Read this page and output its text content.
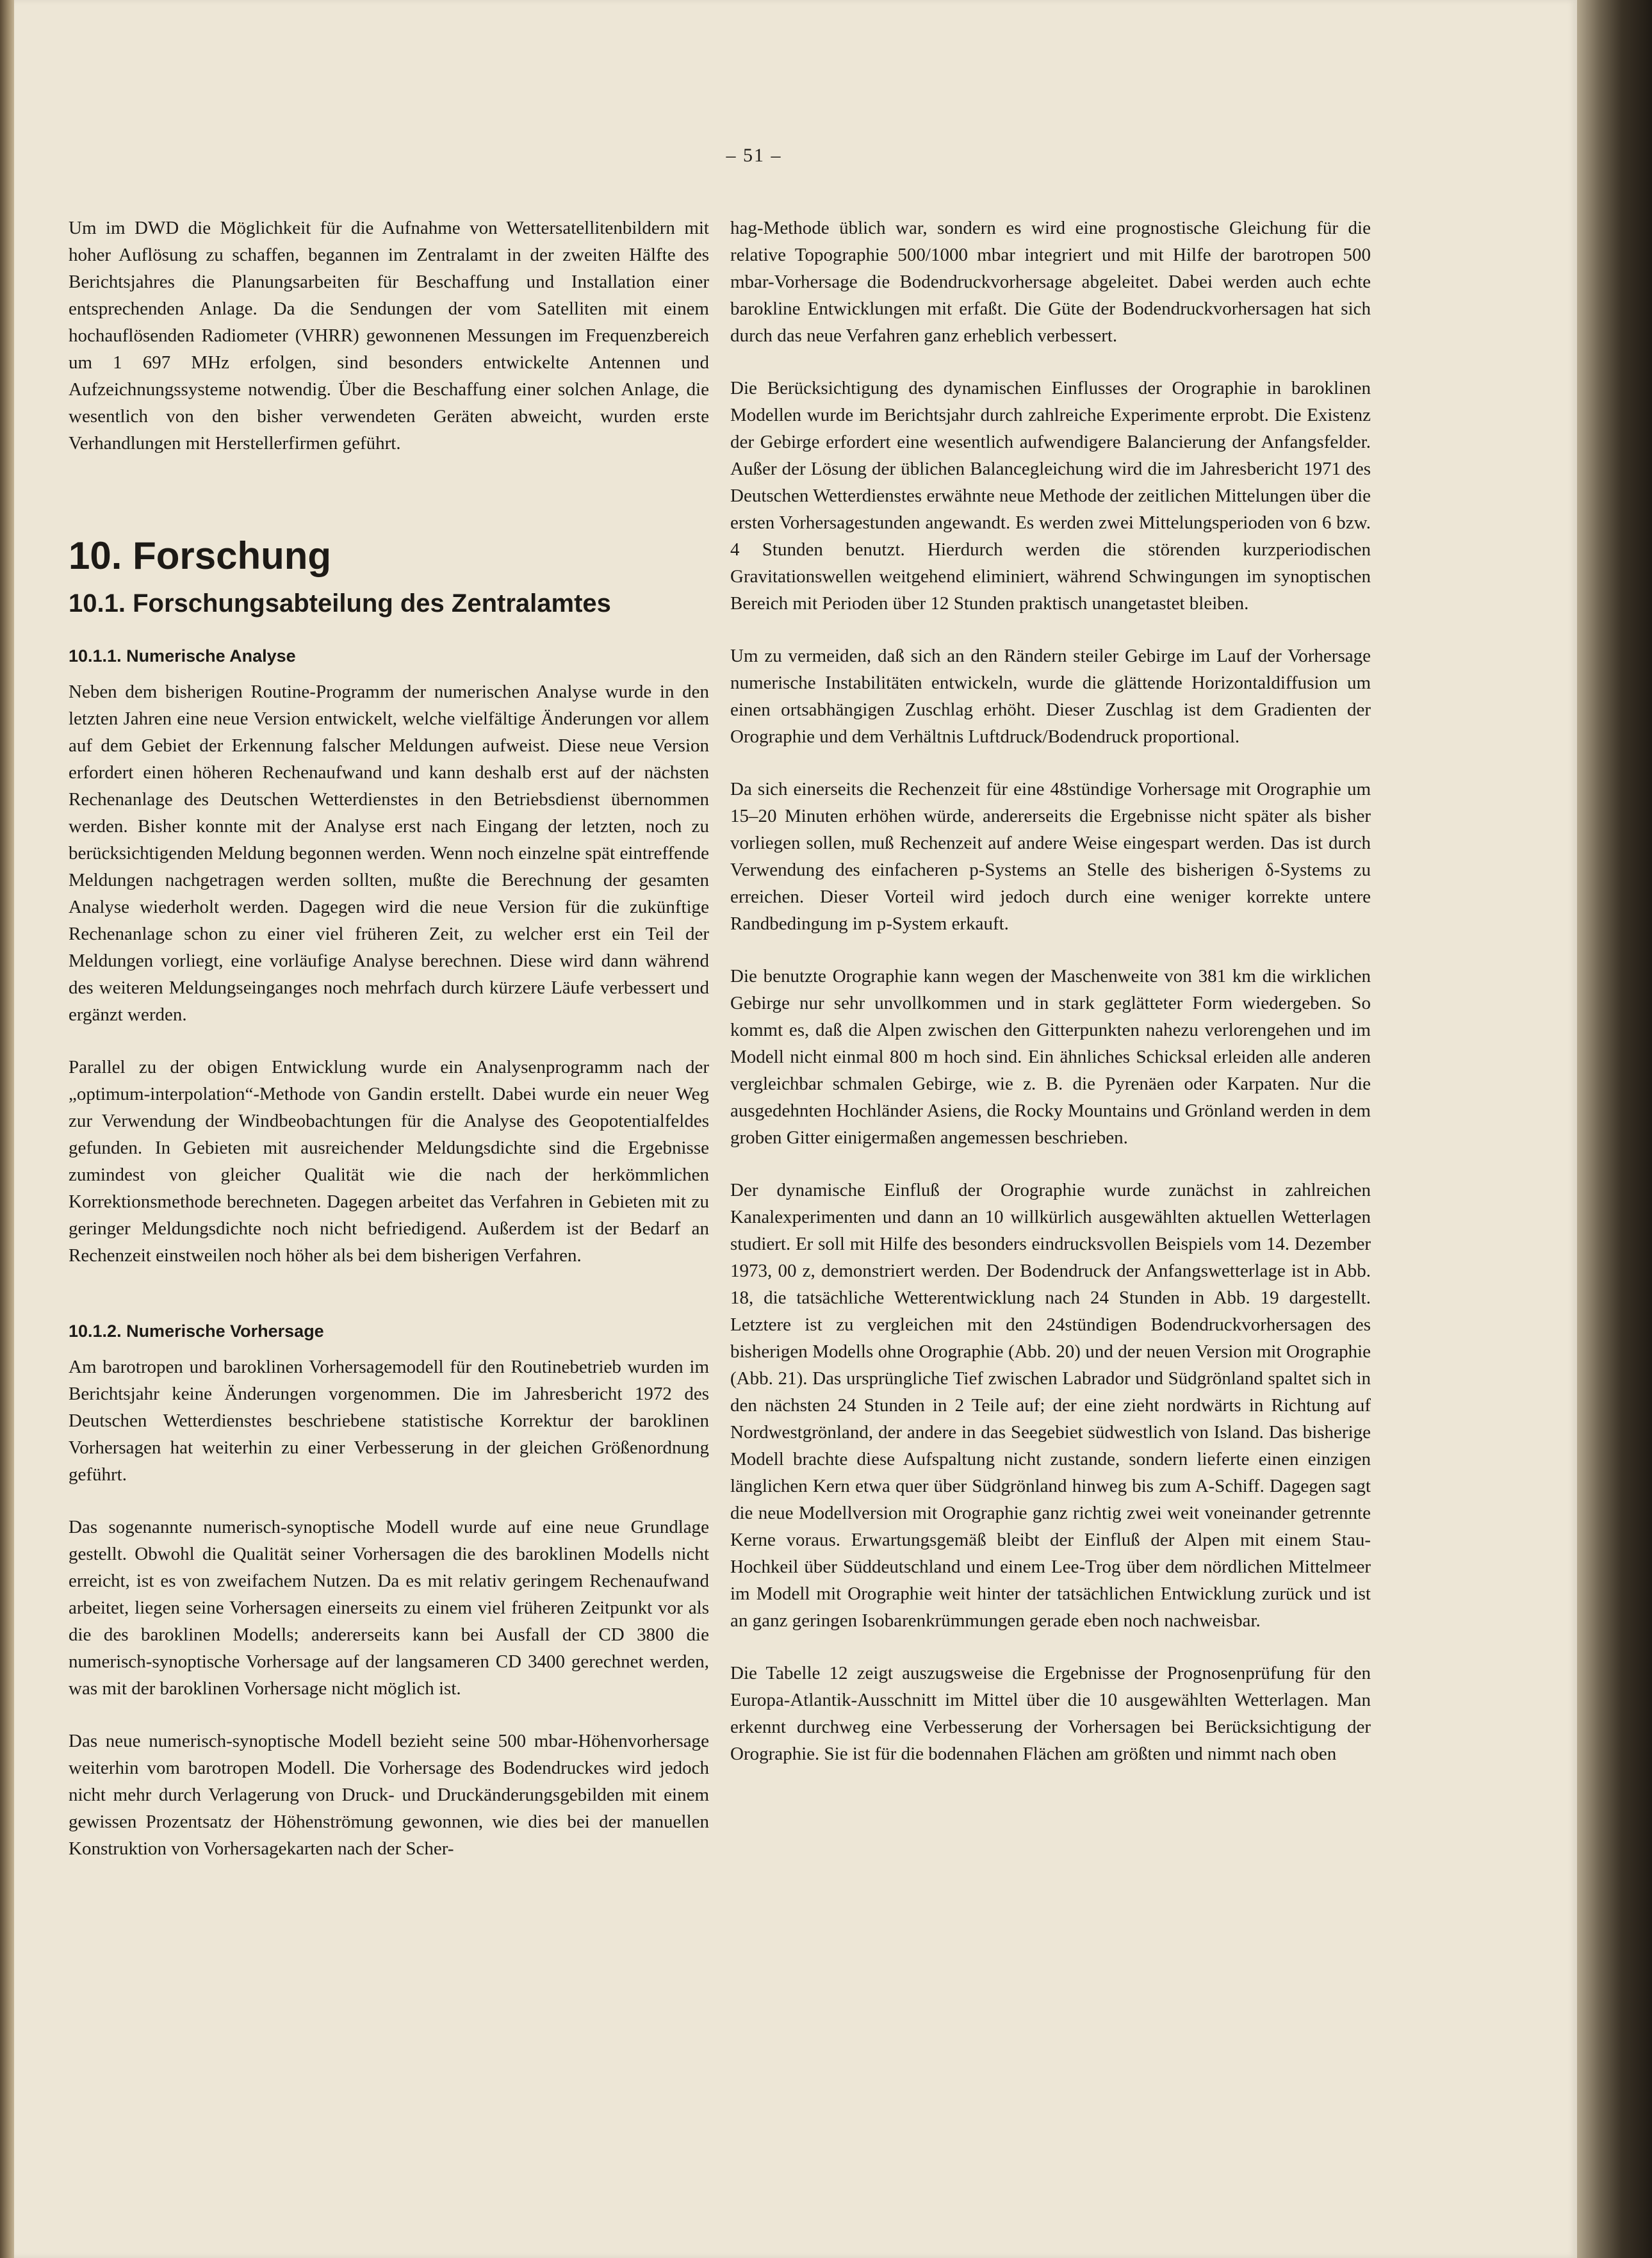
– 51 –

Um im DWD die Möglichkeit für die Aufnahme von Wettersatellitenbildern mit hoher Auflösung zu schaffen, begannen im Zentralamt in der zweiten Hälfte des Berichtsjahres die Planungsarbeiten für Beschaffung und Installation einer entsprechenden Anlage. Da die Sendungen der vom Satelliten mit einem hochauflösenden Radiometer (VHRR) gewonnenen Messungen im Frequenzbereich um 1 697 MHz erfolgen, sind besonders entwickelte Antennen und Aufzeichnungssysteme notwendig. Über die Beschaffung einer solchen Anlage, die wesentlich von den bisher verwendeten Geräten abweicht, wurden erste Verhandlungen mit Herstellerfirmen geführt.

10. Forschung
10.1. Forschungsabteilung des Zentralamtes
10.1.1. Numerische Analyse

Neben dem bisherigen Routine-Programm der numerischen Analyse wurde in den letzten Jahren eine neue Version entwickelt, welche vielfältige Änderungen vor allem auf dem Gebiet der Erkennung falscher Meldungen aufweist. Diese neue Version erfordert einen höheren Rechenaufwand und kann deshalb erst auf der nächsten Rechenanlage des Deutschen Wetterdienstes in den Betriebsdienst übernommen werden. Bisher konnte mit der Analyse erst nach Eingang der letzten, noch zu berücksichtigenden Meldung begonnen werden. Wenn noch einzelne spät eintreffende Meldungen nachgetragen werden sollten, mußte die Berechnung der gesamten Analyse wiederholt werden. Dagegen wird die neue Version für die zukünftige Rechenanlage schon zu einer viel früheren Zeit, zu welcher erst ein Teil der Meldungen vorliegt, eine vorläufige Analyse berechnen. Diese wird dann während des weiteren Meldungseinganges noch mehrfach durch kürzere Läufe verbessert und ergänzt werden.

Parallel zu der obigen Entwicklung wurde ein Analysenprogramm nach der „optimum-interpolation“-Methode von Gandin erstellt. Dabei wurde ein neuer Weg zur Verwendung der Windbeobachtungen für die Analyse des Geopotentialfeldes gefunden. In Gebieten mit ausreichender Meldungsdichte sind die Ergebnisse zumindest von gleicher Qualität wie die nach der herkömmlichen Korrektionsmethode berechneten. Dagegen arbeitet das Verfahren in Gebieten mit zu geringer Meldungsdichte noch nicht befriedigend. Außerdem ist der Bedarf an Rechenzeit einstweilen noch höher als bei dem bisherigen Verfahren.

10.1.2. Numerische Vorhersage

Am barotropen und baroklinen Vorhersagemodell für den Routinebetrieb wurden im Berichtsjahr keine Änderungen vorgenommen. Die im Jahresbericht 1972 des Deutschen Wetterdienstes beschriebene statistische Korrektur der baroklinen Vorhersagen hat weiterhin zu einer Verbesserung in der gleichen Größenordnung geführt.

Das sogenannte numerisch-synoptische Modell wurde auf eine neue Grundlage gestellt. Obwohl die Qualität seiner Vorhersagen die des baroklinen Modells nicht erreicht, ist es von zweifachem Nutzen. Da es mit relativ geringem Rechenaufwand arbeitet, liegen seine Vorhersagen einerseits zu einem viel früheren Zeitpunkt vor als die des baroklinen Modells; andererseits kann bei Ausfall der CD 3800 die numerisch-synoptische Vorhersage auf der langsameren CD 3400 gerechnet werden, was mit der baroklinen Vorhersage nicht möglich ist.

Das neue numerisch-synoptische Modell bezieht seine 500 mbar-Höhenvorhersage weiterhin vom barotropen Modell. Die Vorhersage des Bodendruckes wird jedoch nicht mehr durch Verlagerung von Druck- und Druckänderungsgebilden mit einem gewissen Prozentsatz der Höhenströmung gewonnen, wie dies bei der manuellen Konstruktion von Vorhersagekarten nach der Scher-

hag-Methode üblich war, sondern es wird eine prognostische Gleichung für die relative Topographie 500/1000 mbar integriert und mit Hilfe der barotropen 500 mbar-Vorhersage die Bodendruckvorhersage abgeleitet. Dabei werden auch echte barokline Entwicklungen mit erfaßt. Die Güte der Bodendruckvorhersagen hat sich durch das neue Verfahren ganz erheblich verbessert.

Die Berücksichtigung des dynamischen Einflusses der Orographie in baroklinen Modellen wurde im Berichtsjahr durch zahlreiche Experimente erprobt. Die Existenz der Gebirge erfordert eine wesentlich aufwendigere Balancierung der Anfangsfelder. Außer der Lösung der üblichen Balancegleichung wird die im Jahresbericht 1971 des Deutschen Wetterdienstes erwähnte neue Methode der zeitlichen Mittelungen über die ersten Vorhersagestunden angewandt. Es werden zwei Mittelungsperioden von 6 bzw. 4 Stunden benutzt. Hierdurch werden die störenden kurzperiodischen Gravitationswellen weitgehend eliminiert, während Schwingungen im synoptischen Bereich mit Perioden über 12 Stunden praktisch unangetastet bleiben.

Um zu vermeiden, daß sich an den Rändern steiler Gebirge im Lauf der Vorhersage numerische Instabilitäten entwickeln, wurde die glättende Horizontaldiffusion um einen ortsabhängigen Zuschlag erhöht. Dieser Zuschlag ist dem Gradienten der Orographie und dem Verhältnis Luftdruck/Bodendruck proportional.

Da sich einerseits die Rechenzeit für eine 48stündige Vorhersage mit Orographie um 15–20 Minuten erhöhen würde, andererseits die Ergebnisse nicht später als bisher vorliegen sollen, muß Rechenzeit auf andere Weise eingespart werden. Das ist durch Verwendung des einfacheren p-Systems an Stelle des bisherigen δ-Systems zu erreichen. Dieser Vorteil wird jedoch durch eine weniger korrekte untere Randbedingung im p-System erkauft.

Die benutzte Orographie kann wegen der Maschenweite von 381 km die wirklichen Gebirge nur sehr unvollkommen und in stark geglätteter Form wiedergeben. So kommt es, daß die Alpen zwischen den Gitterpunkten nahezu verlorengehen und im Modell nicht einmal 800 m hoch sind. Ein ähnliches Schicksal erleiden alle anderen vergleichbar schmalen Gebirge, wie z. B. die Pyrenäen oder Karpaten. Nur die ausgedehnten Hochländer Asiens, die Rocky Mountains und Grönland werden in dem groben Gitter einigermaßen angemessen beschrieben.

Der dynamische Einfluß der Orographie wurde zunächst in zahlreichen Kanalexperimenten und dann an 10 willkürlich ausgewählten aktuellen Wetterlagen studiert. Er soll mit Hilfe des besonders eindrucksvollen Beispiels vom 14. Dezember 1973, 00 z, demonstriert werden. Der Bodendruck der Anfangswetterlage ist in Abb. 18, die tatsächliche Wetterentwicklung nach 24 Stunden in Abb. 19 dargestellt. Letztere ist zu vergleichen mit den 24stündigen Bodendruckvorhersagen des bisherigen Modells ohne Orographie (Abb. 20) und der neuen Version mit Orographie (Abb. 21). Das ursprüngliche Tief zwischen Labrador und Südgrönland spaltet sich in den nächsten 24 Stunden in 2 Teile auf; der eine zieht nordwärts in Richtung auf Nordwestgrönland, der andere in das Seegebiet südwestlich von Island. Das bisherige Modell brachte diese Aufspaltung nicht zustande, sondern lieferte einen einzigen länglichen Kern etwa quer über Südgrönland hinweg bis zum A-Schiff. Dagegen sagt die neue Modellversion mit Orographie ganz richtig zwei weit voneinander getrennte Kerne voraus. Erwartungsgemäß bleibt der Einfluß der Alpen mit einem Stau-Hochkeil über Süddeutschland und einem Lee-Trog über dem nördlichen Mittelmeer im Modell mit Orographie weit hinter der tatsächlichen Entwicklung zurück und ist an ganz geringen Isobarenkrümmungen gerade eben noch nachweisbar.

Die Tabelle 12 zeigt auszugsweise die Ergebnisse der Prognosenprüfung für den Europa-Atlantik-Ausschnitt im Mittel über die 10 ausgewählten Wetterlagen. Man erkennt durchweg eine Verbesserung der Vorhersagen bei Berücksichtigung der Orographie. Sie ist für die bodennahen Flächen am größten und nimmt nach oben
